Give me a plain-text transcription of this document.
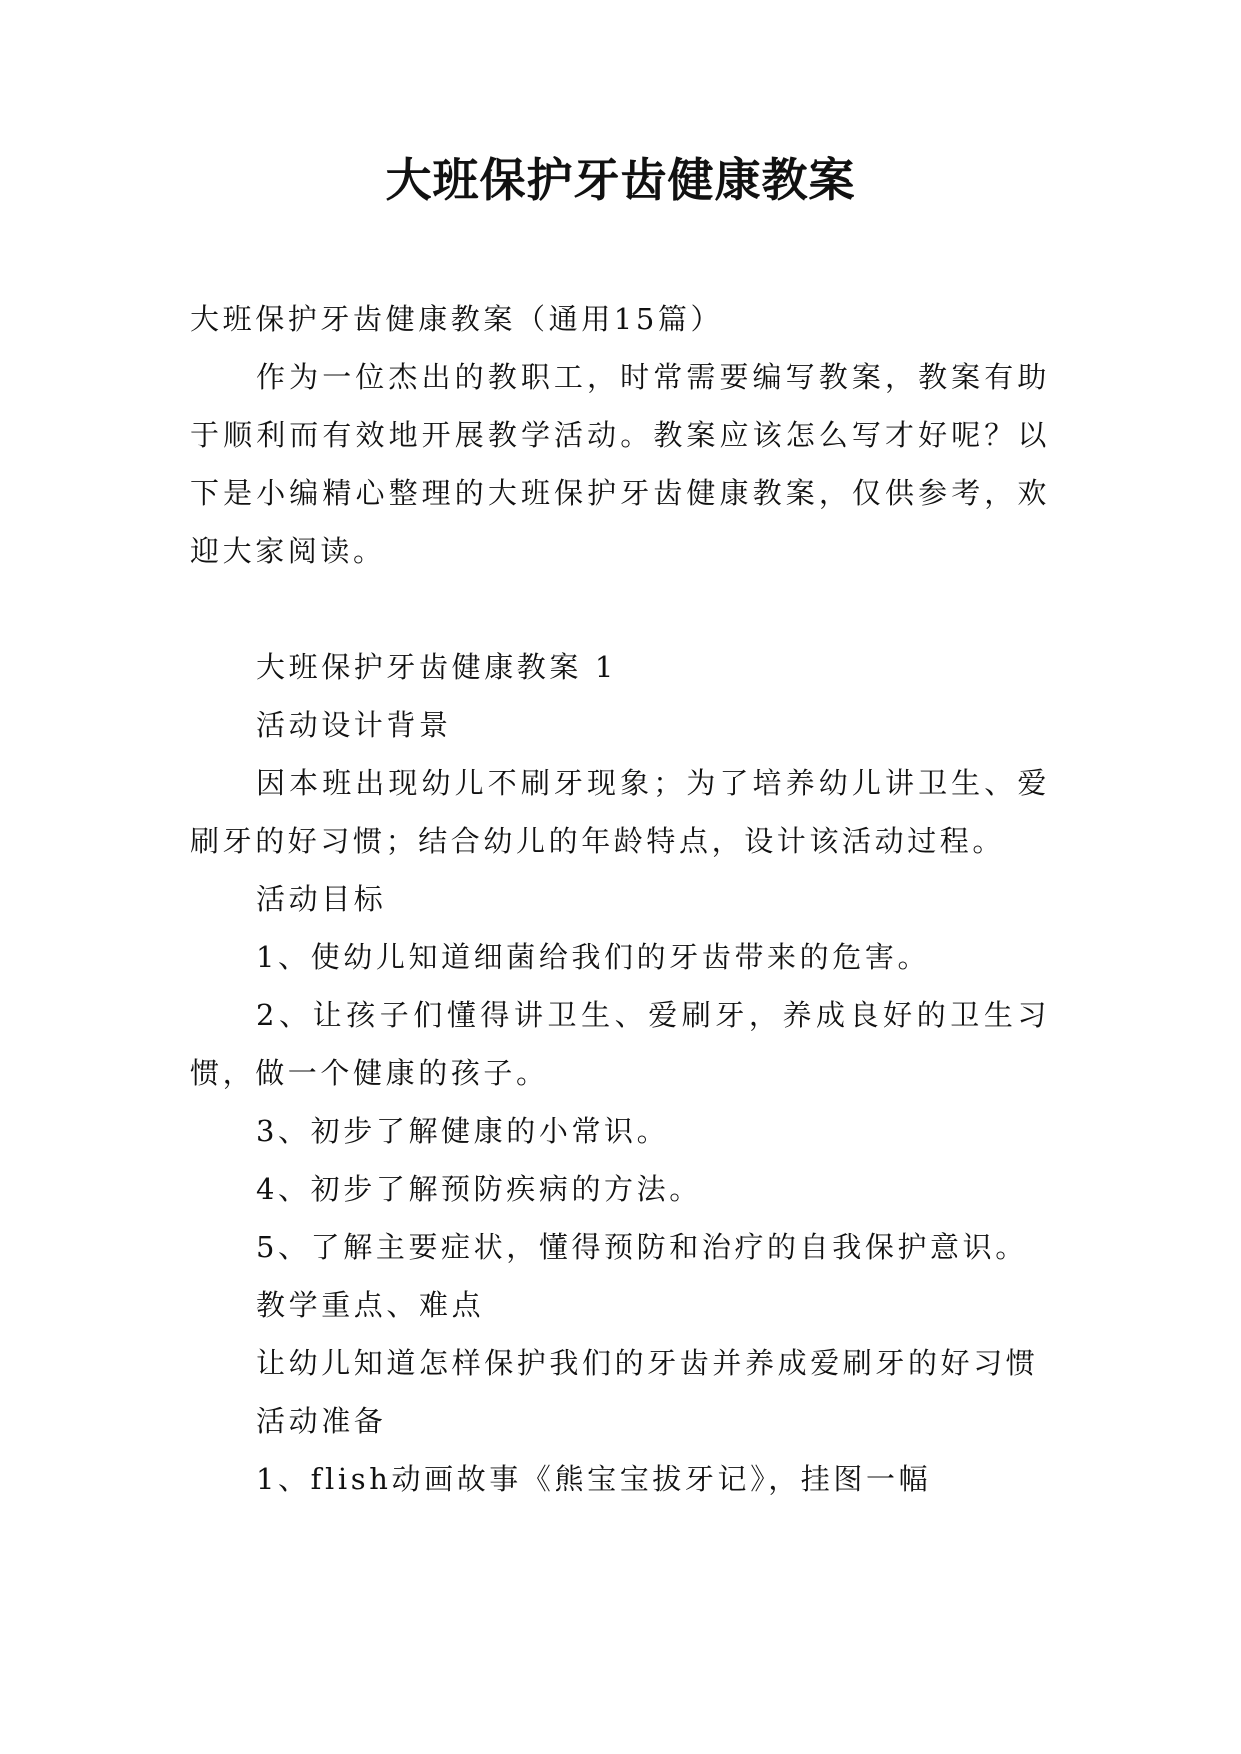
大班保护牙齿健康教案

大班保护牙齿健康教案（通用15篇）

作为一位杰出的教职工，时常需要编写教案，教案有助于顺利而有效地开展教学活动。教案应该怎么写才好呢？以下是小编精心整理的大班保护牙齿健康教案，仅供参考，欢迎大家阅读。

大班保护牙齿健康教案 1

活动设计背景

因本班出现幼儿不刷牙现象；为了培养幼儿讲卫生、爱刷牙的好习惯；结合幼儿的年龄特点，设计该活动过程。

活动目标

1、使幼儿知道细菌给我们的牙齿带来的危害。

2、让孩子们懂得讲卫生、爱刷牙，养成良好的卫生习惯，做一个健康的孩子。

3、初步了解健康的小常识。

4、初步了解预防疾病的方法。

5、了解主要症状，懂得预防和治疗的自我保护意识。

教学重点、难点

让幼儿知道怎样保护我们的牙齿并养成爱刷牙的好习惯

活动准备

1、flish动画故事《熊宝宝拔牙记》，挂图一幅
